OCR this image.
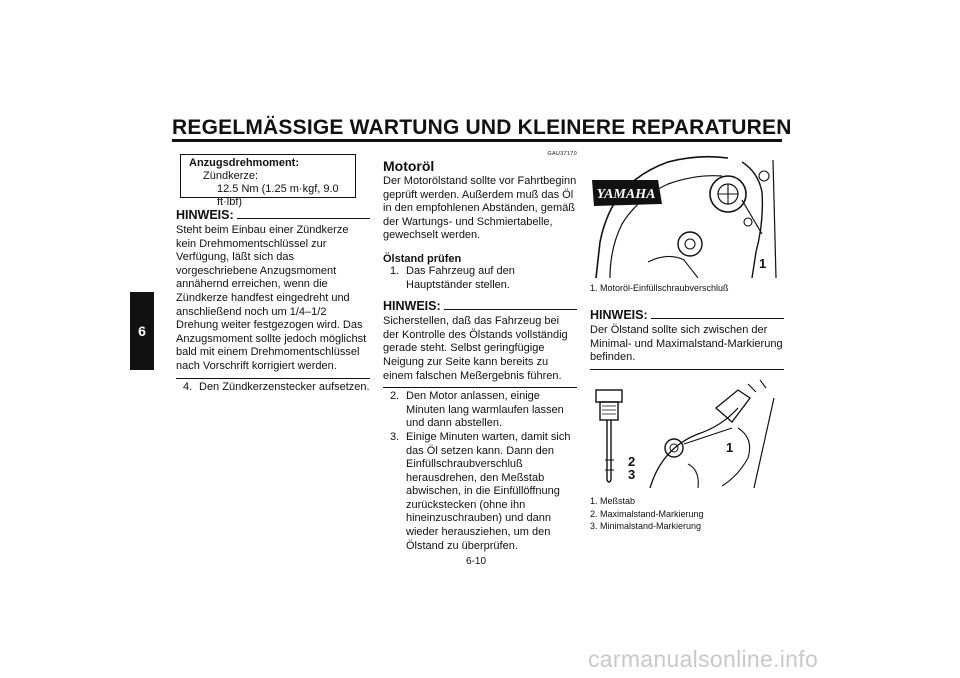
REGELMÄSSIGE WARTUNG UND KLEINERE REPARATUREN
6
Anzugsdrehmoment:
Zündkerze:
12.5 Nm (1.25 m·kgf, 9.0 ft·lbf)
HINWEIS:
Steht beim Einbau einer Zündkerze kein Drehmomentschlüssel zur Verfügung, läßt sich das vorgeschriebene Anzugsmoment annähernd erreichen, wenn die Zündkerze handfest eingedreht und anschließend noch um 1/4–1/2 Drehung weiter festgezogen wird. Das Anzugsmoment sollte jedoch möglichst bald mit einem Drehmomentschlüssel nach Vorschrift korrigiert werden.
4. Den Zündkerzenstecker aufsetzen.
GAU37170
Motoröl
Der Motorölstand sollte vor Fahrtbeginn geprüft werden. Außerdem muß das Öl in den empfohlenen Abständen, gemäß der Wartungs- und Schmiertabelle, gewechselt werden.
Ölstand prüfen
1. Das Fahrzeug auf den Hauptständer stellen.
HINWEIS:
Sicherstellen, daß das Fahrzeug bei der Kontrolle des Ölstands vollständig gerade steht. Selbst geringfügige Neigung zur Seite kann bereits zu einem falschen Meßergebnis führen.
2. Den Motor anlassen, einige Minuten lang warmlaufen lassen und dann abstellen.
3. Einige Minuten warten, damit sich das Öl setzen kann. Dann den Einfüllschraubverschluß herausdrehen, den Meßstab abwischen, in die Einfüllöffnung zurückstecken (ohne ihn hineinzuschrauben) und dann wieder herausziehen, um den Ölstand zu überprüfen.
YAMAHA
1
1. Motoröl-Einfüllschraubverschluß
HINWEIS:
Der Ölstand sollte sich zwischen der Minimal- und Maximalstand-Markierung befinden.
1
2
3
1. Meßstab
2. Maximalstand-Markierung
3. Minimalstand-Markierung
6-10
carmanualsonline.info
